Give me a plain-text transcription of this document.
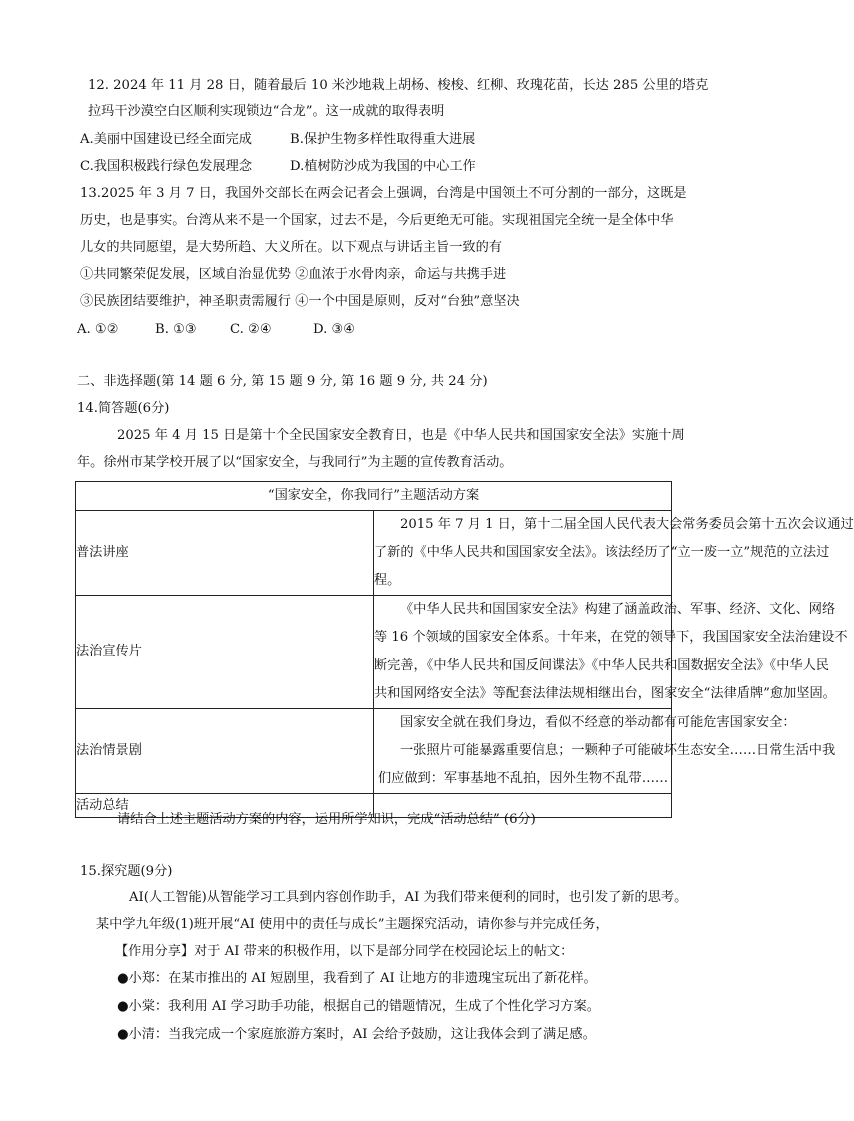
12. 2024 年 11 月 28 日，随着最后 10 米沙地栽上胡杨、梭梭、红柳、玫瑰花苗，长达 285 公里的塔克
拉玛干沙漠空白区顺利实现锁边“合龙”。这一成就的取得表明
A.美丽中国建设已经全面完成	B.保护生物多样性取得重大进展
C.我国积极践行绿色发展理念	D.植树防沙成为我国的中心工作
13.2025 年 3 月 7 日，我国外交部长在两会记者会上强调，台湾是中国领土不可分割的一部分，这既是
历史，也是事实。台湾从来不是一个国家，过去不是，今后更绝无可能。实现祖国完全统一是全体中华
儿女的共同愿望，是大势所趋、大义所在。以下观点与讲话主旨一致的有
①共同繁荣促发展，区域自治显优势 ②血浓于水骨肉亲，命运与共携手进
③民族团结要维护，神圣职责需履行 ④一个中国是原则，反对“台独”意坚决
A. ①②	B. ①③	C. ②④	D. ③④
二、非选择题(第 14 题 6 分, 第 15 题 9 分, 第 16 题 9 分, 共 24 分)
14.简答题(6分)
2025 年 4 月 15 日是第十个全民国家安全教育日，也是《中华人民共和国国家安全法》实施十周
年。徐州市某学校开展了以“国家安全，与我同行”为主题的宣传教育活动。
“国家安全，你我同行”主题活动方案	
普法讲座	2015 年 7 月 1 日，第十二届全国人民代表大会常务委员会第十五次会议通过

了新的《中华人民共和国国家安全法》。该法经历了“立一废一立”规范的立法过

程。

法治宣传片	《中华人民共和国国家安全法》构建了涵盖政治、军事、经济、文化、网络

等 16 个领域的国家安全体系。十年来，在党的领导下，我国国家安全法治建设不

断完善，《中华人民共和国反间谍法》《中华人民共和国数据安全法》《中华人民

共和国网络安全法》等配套法律法规相继出台，图家安全“法律盾牌”愈加坚固。

法治情景剧	国家安全就在我们身边，看似不经意的举动都有可能危害国家安全：

一张照片可能暴露重要信息；一颗种子可能破坏生态安全……日常生活中我

们应做到：军事基地不乱拍，因外生物不乱带……

活动总结	
请结合上述主题活动方案的内容，运用所学知识，完成“活动总结” (6分)
15.探究题(9分)
AI(人工智能)从智能学习工具到内容创作助手，AI 为我们带来便利的同时，也引发了新的思考。
某中学九年级(1)班开展“AI 使用中的责任与成长”主题探究活动，请你参与并完成任务，
【作用分享】对于 AI 带来的积极作用，以下是部分同学在校园论坛上的帖文：
●小郑：在某市推出的 AI 短剧里，我看到了 AI 让地方的非遗瑰宝玩出了新花样。
●小棠：我利用 AI 学习助手功能，根据自己的错题情况，生成了个性化学习方案。
●小清：当我完成一个家庭旅游方案时，AI 会给予鼓励，这让我体会到了满足感。
